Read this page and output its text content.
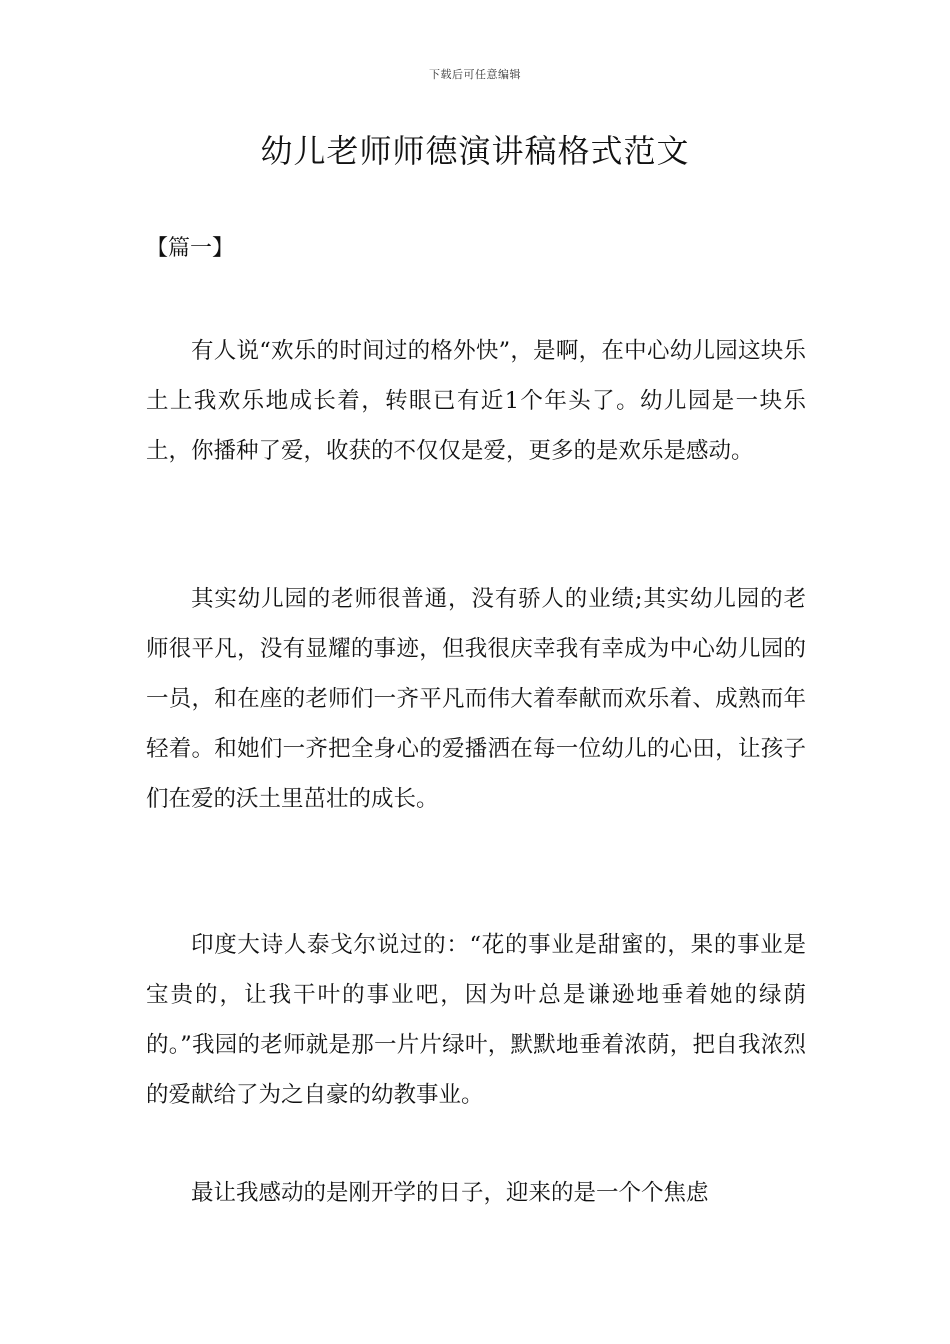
下载后可任意编辑
幼儿老师师德演讲稿格式范文

【篇一】

有人说“欢乐的时间过的格外快”，是啊，在中心幼儿园这块乐土上我欢乐地成长着，转眼已有近1个年头了。幼儿园是一块乐土，你播种了爱，收获的不仅仅是爱，更多的是欢乐是感动。

其实幼儿园的老师很普通，没有骄人的业绩;其实幼儿园的老师很平凡，没有显耀的事迹，但我很庆幸我有幸成为中心幼儿园的一员，和在座的老师们一齐平凡而伟大着奉献而欢乐着、成熟而年轻着。和她们一齐把全身心的爱播洒在每一位幼儿的心田，让孩子们在爱的沃土里茁壮的成长。

印度大诗人泰戈尔说过的：“花的事业是甜蜜的，果的事业是宝贵的，让我干叶的事业吧，因为叶总是谦逊地垂着她的绿荫的。”我园的老师就是那一片片绿叶，默默地垂着浓荫，把自我浓烈的爱献给了为之自豪的幼教事业。

最让我感动的是刚开学的日子，迎来的是一个个焦虑
